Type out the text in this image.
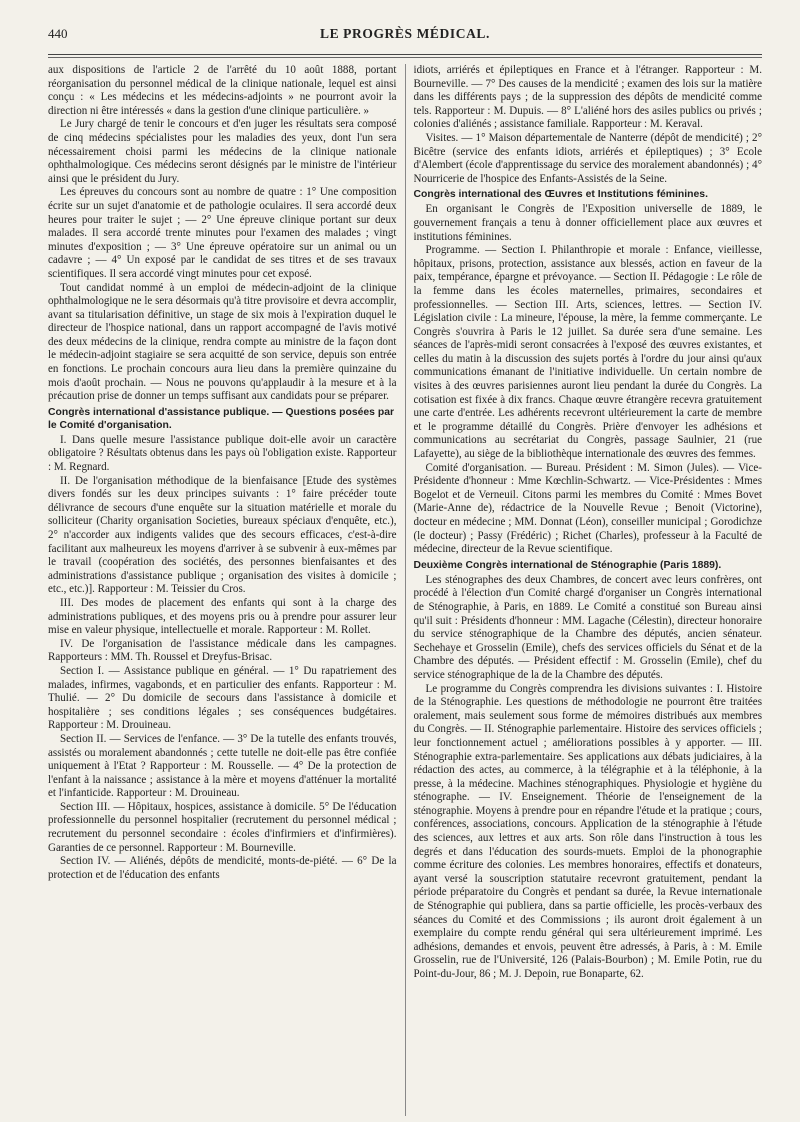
440	LE PROGRÈS MÉDICAL.

aux dispositions de l'article 2 de l'arrêté du 10 août 1888, portant réorganisation du personnel médical de la clinique nationale, lequel est ainsi conçu : « Les médecins et les médecins-adjoints » ne pourront avoir la direction ni être intéressés « dans la gestion d'une clinique particulière. »

Le Jury chargé de tenir le concours et d'en juger les résultats sera composé de cinq médecins spécialistes pour les maladies des yeux, dont l'un sera nécessairement choisi parmi les médecins de la clinique nationale ophthalmologique. Ces médecins seront désignés par le ministre de l'intérieur ainsi que le président du Jury.

Les épreuves du concours sont au nombre de quatre : 1° Une composition écrite sur un sujet d'anatomie et de pathologie oculaires. Il sera accordé deux heures pour traiter le sujet ; — 2° Une épreuve clinique portant sur deux malades. Il sera accordé trente minutes pour l'examen des malades ; vingt minutes d'exposition ; — 3° Une épreuve opératoire sur un animal ou un cadavre ; — 4° Un exposé par le candidat de ses titres et de ses travaux scientifiques. Il sera accordé vingt minutes pour cet exposé.

Tout candidat nommé à un emploi de médecin-adjoint de la clinique ophthalmologique ne le sera désormais qu'à titre provisoire et devra accomplir, avant sa titularisation définitive, un stage de six mois à l'expiration duquel le directeur de l'hospice national, dans un rapport accompagné de l'avis motivé des deux médecins de la clinique, rendra compte au ministre de la façon dont le médecin-adjoint stagiaire se sera acquitté de son service, depuis son entrée en fonctions. Le prochain concours aura lieu dans la première quinzaine du mois d'août prochain. — Nous ne pouvons qu'applaudir à la mesure et à la précaution prise de donner un temps suffisant aux candidats pour se préparer.

Congrès international d'assistance publique. — Questions posées par le Comité d'organisation.

I. Dans quelle mesure l'assistance publique doit-elle avoir un caractère obligatoire ? Résultats obtenus dans les pays où l'obligation existe. Rapporteur : M. Regnard.

II. De l'organisation méthodique de la bienfaisance [Etude des systèmes divers fondés sur les deux principes suivants : 1° faire précéder toute délivrance de secours d'une enquête sur la situation matérielle et morale du solliciteur (Charity organisation Societies, bureaux spéciaux d'enquête, etc.), 2° n'accorder aux indigents valides que des secours efficaces, c'est-à-dire facilitant aux malheureux les moyens d'arriver à se subvenir à eux-mêmes par le travail (coopération des sociétés, des personnes bienfaisantes et des administrations d'assistance publique ; organisation des visites à domicile ; etc., etc.)]. Rapporteur : M. Teissier du Cros.

III. Des modes de placement des enfants qui sont à la charge des administrations publiques, et des moyens pris ou à prendre pour assurer leur mise en valeur physique, intellectuelle et morale. Rapporteur : M. Rollet.

IV. De l'organisation de l'assistance médicale dans les campagnes. Rapporteurs : MM. Th. Roussel et Dreyfus-Brisac.

Section I. — Assistance publique en général. — 1° Du rapatriement des malades, infirmes, vagabonds, et en particulier des enfants. Rapporteur : M. Thulié. — 2° Du domicile de secours dans l'assistance à domicile et hospitalière ; ses conditions légales ; ses conséquences budgétaires. Rapporteur : M. Drouineau.

Section II. — Services de l'enfance. — 3° De la tutelle des enfants trouvés, assistés ou moralement abandonnés ; cette tutelle ne doit-elle pas être confiée uniquement à l'Etat ? Rapporteur : M. Rousselle. — 4° De la protection de l'enfant à la naissance ; assistance à la mère et moyens d'atténuer la mortalité et l'infanticide. Rapporteur : M. Drouineau.

Section III. — Hôpitaux, hospices, assistance à domicile. 5° De l'éducation professionnelle du personnel hospitalier (recrutement du personnel médical ; recrutement du personnel secondaire : écoles d'infirmiers et d'infirmières). Garanties de ce personnel. Rapporteur : M. Bourneville.

Section IV. — Aliénés, dépôts de mendicité, monts-de-piété. — 6° De la protection et de l'éducation des enfants

idiots, arriérés et épileptiques en France et à l'étranger. Rapporteur : M. Bourneville. — 7° Des causes de la mendicité ; examen des lois sur la matière dans les différents pays ; de la suppression des dépôts de mendicité comme tels. Rapporteur : M. Dupuis. — 8° L'aliéné hors des asiles publics ou privés ; colonies d'aliénés ; assistance familiale. Rapporteur : M. Keraval.

Visites. — 1° Maison départementale de Nanterre (dépôt de mendicité) ; 2° Bicêtre (service des enfants idiots, arriérés et épileptiques) ; 3° Ecole d'Alembert (école d'apprentissage du service des moralement abandonnés) ; 4° Nourricerie de l'hospice des Enfants-Assistés de la Seine.

Congrès international des Œuvres et Institutions féminines.

En organisant le Congrès de l'Exposition universelle de 1889, le gouvernement français a tenu à donner officiellement place aux œuvres et institutions féminines.

Programme. — Section I. Philanthropie et morale : Enfance, vieillesse, hôpitaux, prisons, protection, assistance aux blessés, action en faveur de la paix, tempérance, épargne et prévoyance. — Section II. Pédagogie : Le rôle de la femme dans les écoles maternelles, primaires, secondaires et professionnelles. — Section III. Arts, sciences, lettres. — Section IV. Législation civile : La mineure, l'épouse, la mère, la femme commerçante. Le Congrès s'ouvrira à Paris le 12 juillet. Sa durée sera d'une semaine. Les séances de l'après-midi seront consacrées à l'exposé des œuvres existantes, et celles du matin à la discussion des sujets portés à l'ordre du jour ainsi qu'aux communications émanant de l'initiative individuelle. Un certain nombre de visites à des œuvres parisiennes auront lieu pendant la durée du Congrès. La cotisation est fixée à dix francs. Chaque œuvre étrangère recevra gratuitement une carte d'entrée. Les adhérents recevront ultérieurement la carte de membre et le programme détaillé du Congrès. Prière d'envoyer les adhésions et communications au secrétariat du Congrès, passage Saulnier, 21 (rue Lafayette), au siège de la bibliothèque internationale des œuvres des femmes.

Comité d'organisation. — Bureau. Président : M. Simon (Jules). — Vice-Présidente d'honneur : Mme Kœchlin-Schwartz. — Vice-Présidentes : Mmes Bogelot et de Verneuil. Citons parmi les membres du Comité : Mmes Bovet (Marie-Anne de), rédactrice de la Nouvelle Revue ; Benoit (Victorine), docteur en médecine ; MM. Donnat (Léon), conseiller municipal ; Gorodichze (le docteur) ; Passy (Frédéric) ; Richet (Charles), professeur à la Faculté de médecine, directeur de la Revue scientifique.

Deuxième Congrès international de Sténographie (Paris 1889).

Les sténographes des deux Chambres, de concert avec leurs confrères, ont procédé à l'élection d'un Comité chargé d'organiser un Congrès international de Sténographie, à Paris, en 1889. Le Comité a constitué son Bureau ainsi qu'il suit : Présidents d'honneur : MM. Lagache (Célestin), directeur honoraire du service sténographique de la Chambre des députés, ancien sénateur. Sechehaye et Grosselin (Emile), chefs des services officiels du Sénat et de la Chambre des députés. — Président effectif : M. Grosselin (Emile), chef du service sténographique de la de la Chambre des députés.

Le programme du Congrès comprendra les divisions suivantes : I. Histoire de la Sténographie. Les questions de méthodologie ne pourront être traitées oralement, mais seulement sous forme de mémoires distribués aux membres du Congrès. — II. Sténographie parlementaire. Histoire des services officiels ; leur fonctionnement actuel ; améliorations possibles à y apporter. — III. Sténographie extra-parlementaire. Ses applications aux débats judiciaires, à la rédaction des actes, au commerce, à la télégraphie et à la téléphonie, à la presse, à la médecine. Machines sténographiques. Physiologie et hygiène du sténographe. — IV. Enseignement. Théorie de l'enseignement de la sténographie. Moyens à prendre pour en répandre l'étude et la pratique ; cours, conférences, associations, concours. Application de la sténographie à l'étude des sciences, aux lettres et aux arts. Son rôle dans l'instruction à tous les degrés et dans l'éducation des sourds-muets. Emploi de la phonographie comme écriture des colonies. Les membres honoraires, effectifs et donateurs, ayant versé la souscription statutaire recevront gratuitement, pendant la période préparatoire du Congrès et pendant sa durée, la Revue internationale de Sténographie qui publiera, dans sa partie officielle, les procès-verbaux des séances du Comité et des Commissions ; ils auront droit également à un exemplaire du compte rendu général qui sera ultérieurement imprimé. Les adhésions, demandes et envois, peuvent être adressés, à Paris, à : M. Emile Grosselin, rue de l'Université, 126 (Palais-Bourbon) ; M. Emile Potin, rue du Point-du-Jour, 86 ; M. J. Depoin, rue Bonaparte, 62.
